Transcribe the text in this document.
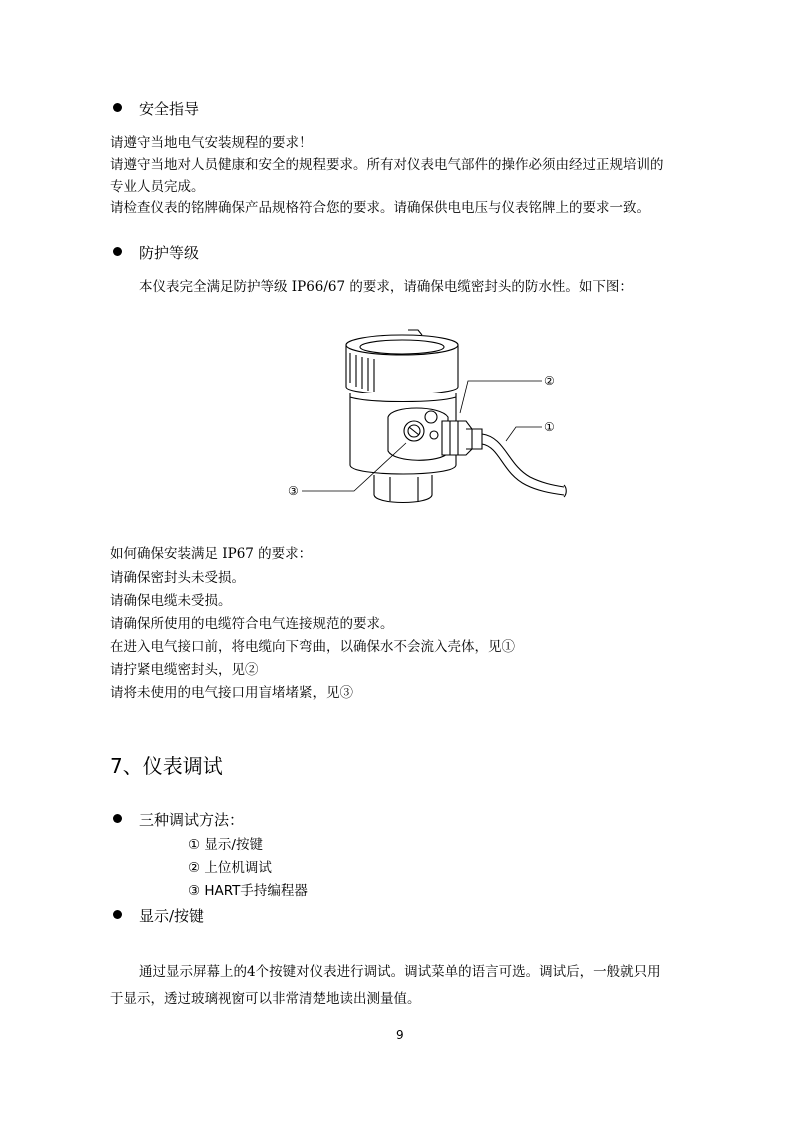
安全指导
请遵守当地电气安装规程的要求！
请遵守当地对人员健康和安全的规程要求。所有对仪表电气部件的操作必须由经过正规培训的
专业人员完成。
请检查仪表的铭牌确保产品规格符合您的要求。请确保供电电压与仪表铭牌上的要求一致。
防护等级
本仪表完全满足防护等级 IP66/67 的要求，请确保电缆密封头的防水性。如下图：
②
①
③
如何确保安装满足 IP67 的要求：
请确保密封头未受损。
请确保电缆未受损。
请确保所使用的电缆符合电气连接规范的要求。
在进入电气接口前，将电缆向下弯曲，以确保水不会流入壳体，见①
请拧紧电缆密封头，见②
请将未使用的电气接口用盲堵堵紧，见③
7、仪表调试
三种调试方法：
① 显示/按键
② 上位机调试
③ HART手持编程器
显示/按键
通过显示屏幕上的4个按键对仪表进行调试。调试菜单的语言可选。调试后，一般就只用
于显示，透过玻璃视窗可以非常清楚地读出测量值。
9
